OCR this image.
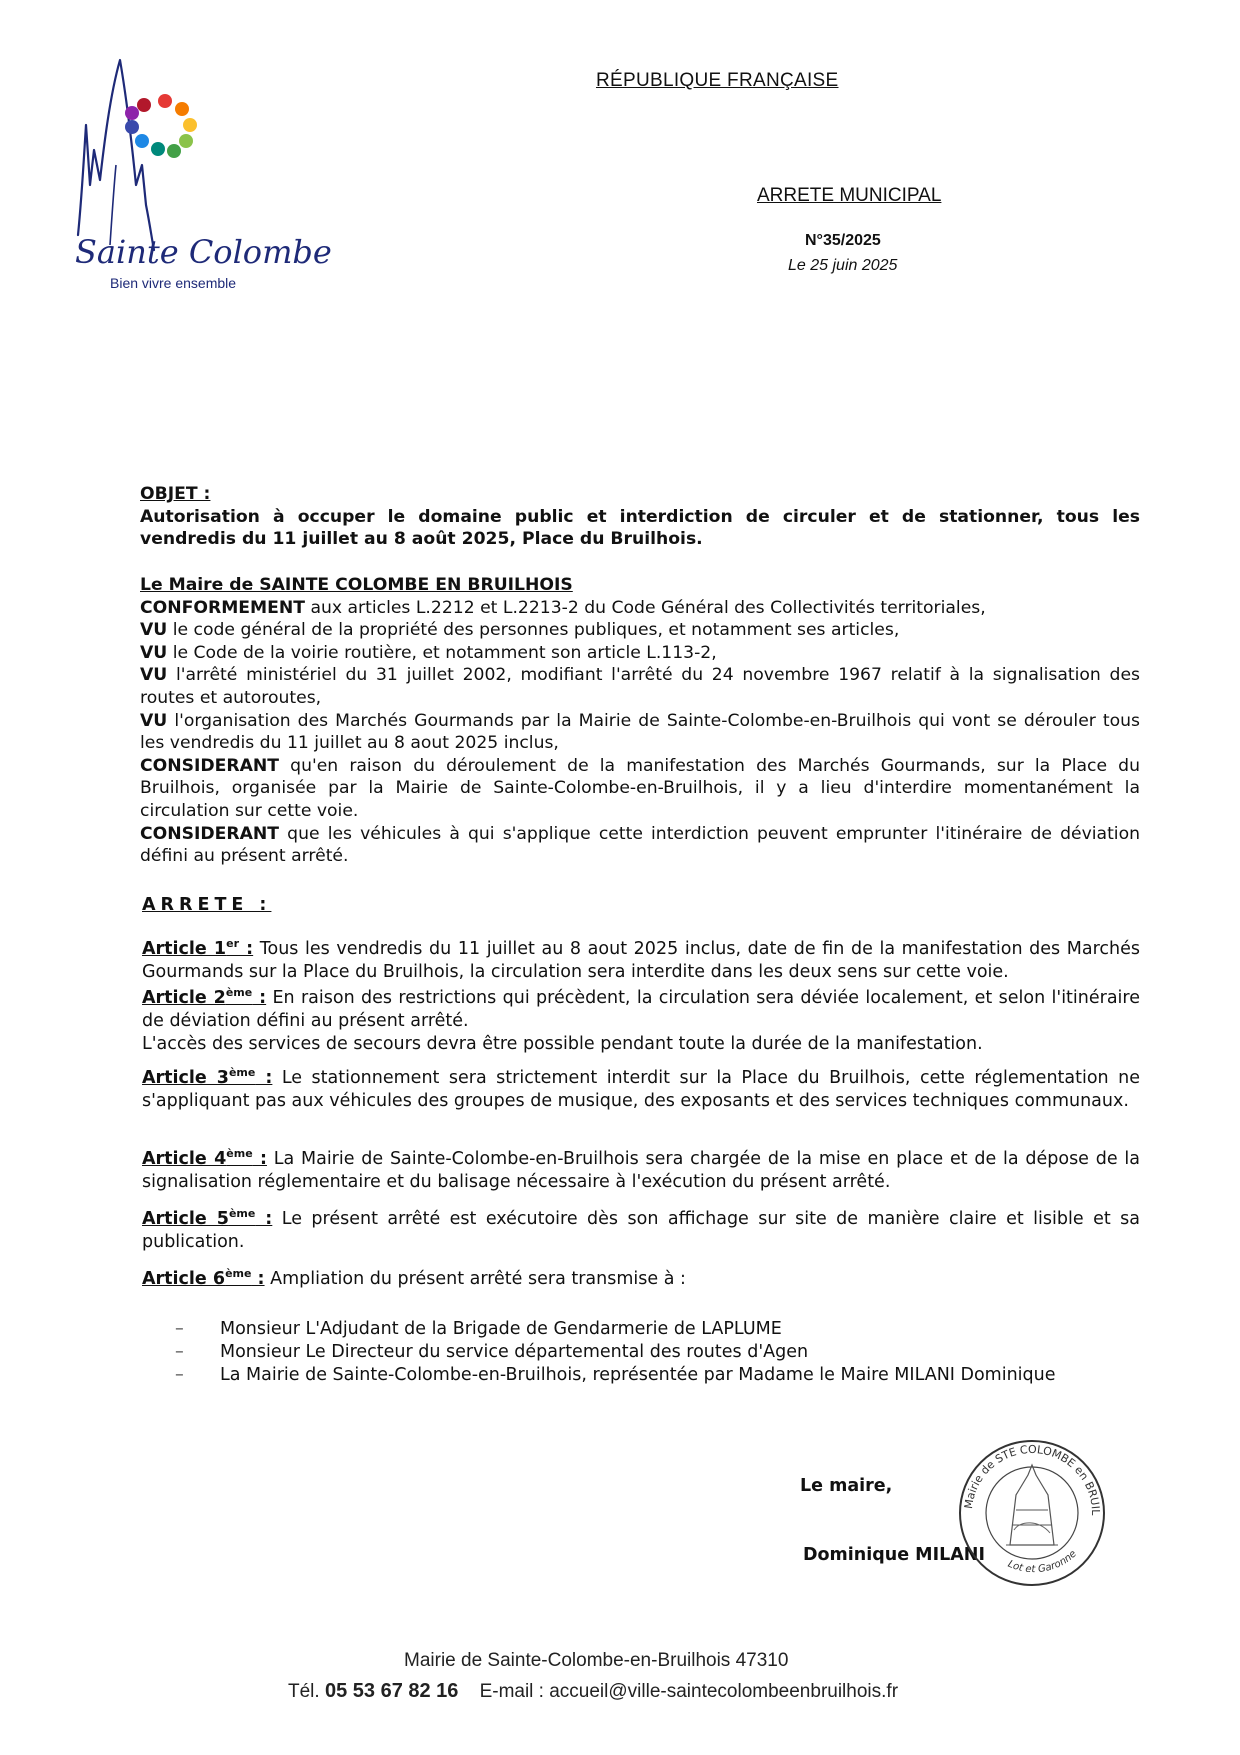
Sainte Colombe
Bien vivre ensemble
RÉPUBLIQUE FRANÇAISE
ARRETE MUNICIPAL
N°35/2025
Le 25 juin 2025
OBJET :
Autorisation à occuper le domaine public et interdiction de circuler et de stationner, tous les vendredis du 11 juillet au 8 août 2025, Place du Bruilhois.
Le Maire de SAINTE COLOMBE EN BRUILHOIS

CONFORMEMENT aux articles L.2212 et L.2213-2 du Code Général des Collectivités territoriales,

VU le code général de la propriété des personnes publiques, et notamment ses articles,

VU le Code de la voirie routière, et notamment son article L.113-2,

VU l'arrêté ministériel du 31 juillet 2002, modifiant l'arrêté du 24 novembre 1967 relatif à la signalisation des routes et autoroutes,

VU l'organisation des Marchés Gourmands par la Mairie de Sainte-Colombe-en-Bruilhois qui vont se dérouler tous les vendredis du 11 juillet au 8 aout 2025 inclus,

CONSIDERANT qu'en raison du déroulement de la manifestation des Marchés Gourmands, sur la Place du Bruilhois, organisée par la Mairie de Sainte-Colombe-en-Bruilhois, il y a lieu d'interdire momentanément la circulation sur cette voie.

CONSIDERANT que les véhicules à qui s'applique cette interdiction peuvent emprunter l'itinéraire de déviation défini au présent arrêté.

ARRETE :
Article 1er : Tous les vendredis du 11 juillet au 8 aout 2025 inclus, date de fin de la manifestation des Marchés Gourmands sur la Place du Bruilhois, la circulation sera interdite dans les deux sens sur cette voie.
Article 2ème : En raison des restrictions qui précèdent, la circulation sera déviée localement, et selon l'itinéraire de déviation défini au présent arrêté.
L'accès des services de secours devra être possible pendant toute la durée de la manifestation.
Article 3ème : Le stationnement sera strictement interdit sur la Place du Bruilhois, cette réglementation ne s'appliquant pas aux véhicules des groupes de musique, des exposants et des services techniques communaux.
Article 4ème : La Mairie de Sainte-Colombe-en-Bruilhois sera chargée de la mise en place et de la dépose de la signalisation réglementaire et du balisage nécessaire à l'exécution du présent arrêté.
Article 5ème : Le présent arrêté est exécutoire dès son affichage sur site de manière claire et lisible et sa publication.
Article 6ème : Ampliation du présent arrêté sera transmise à :
– Monsieur L'Adjudant de la Brigade de Gendarmerie de LAPLUME
– Monsieur Le Directeur du service départemental des routes d'Agen
– La Mairie de Sainte-Colombe-en-Bruilhois, représentée par Madame le Maire MILANI Dominique
Le maire,
Dominique MILANI
Mairie de STE COLOMBE en BRUIL
Lot et Garonne
Mairie de Sainte-Colombe-en-Bruilhois 47310
Tél. 05 53 67 82 16 E-mail : accueil@ville-saintecolombeenbruilhois.fr
